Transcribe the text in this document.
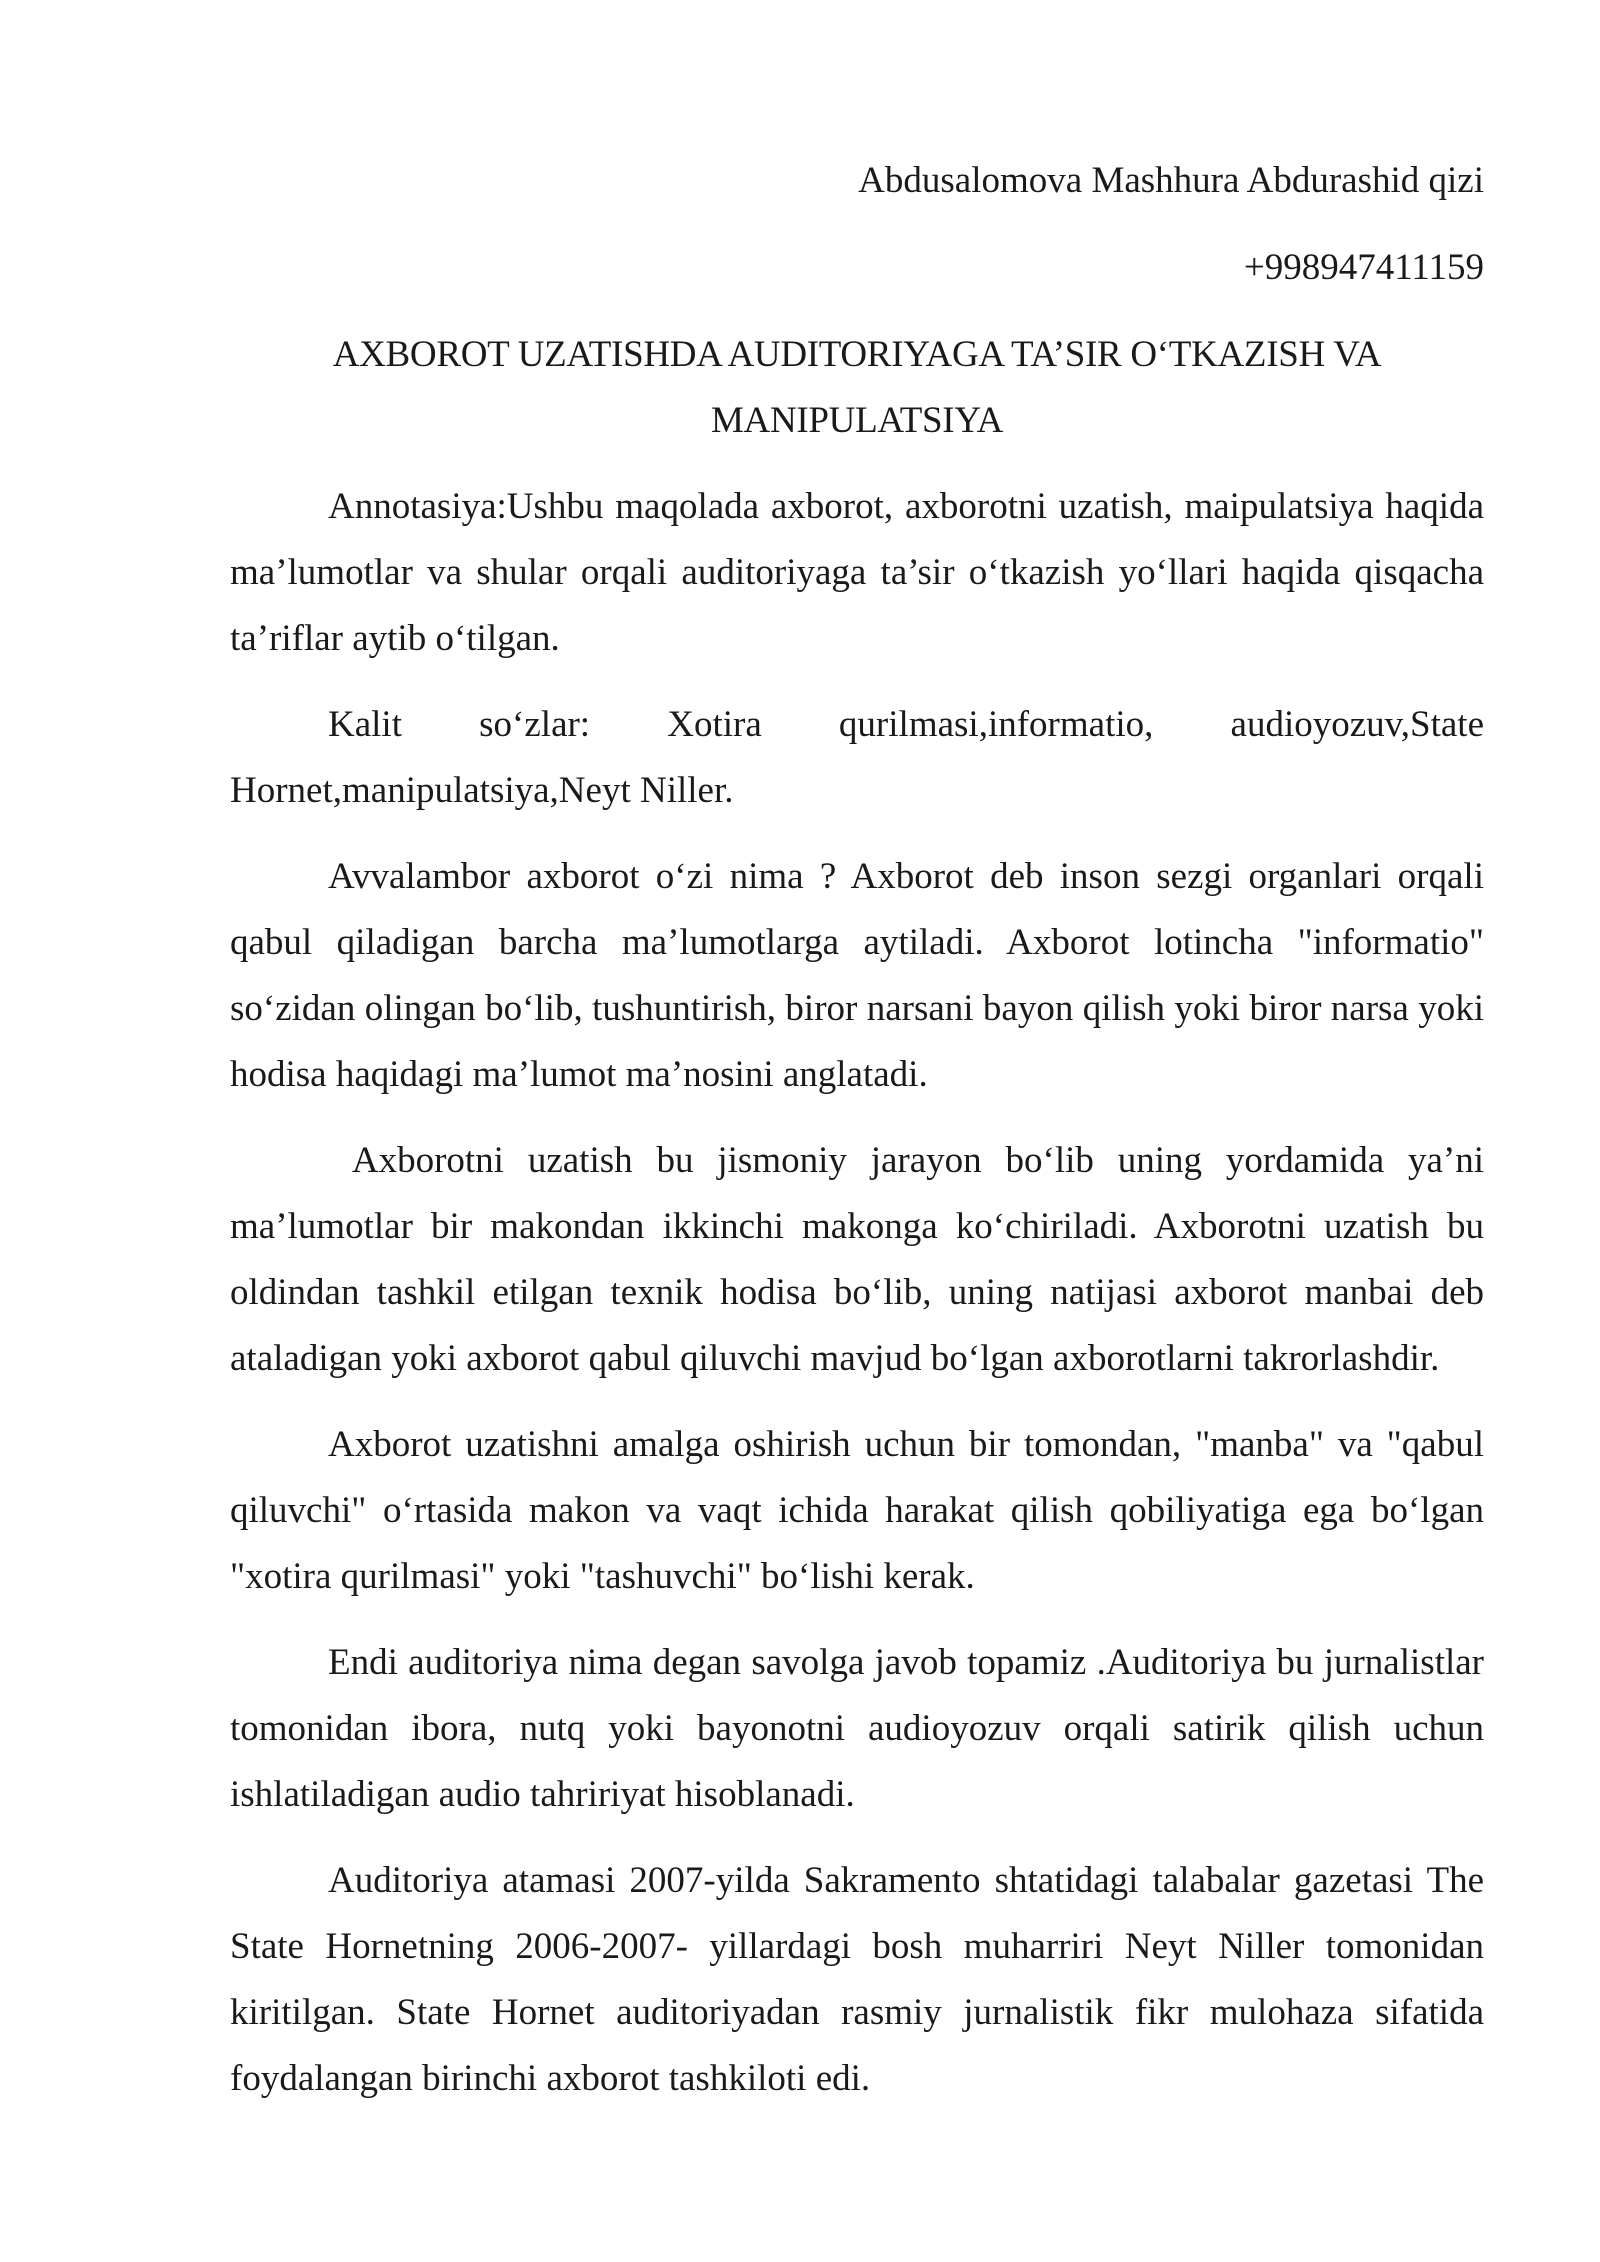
Abdusalomova Mashhura Abdurashid qizi
+998947411159
AXBOROT UZATISHDA AUDITORIYAGA TA’SIR O‘TKAZISH VA MANIPULATSIYA

Annotasiya:Ushbu maqolada axborot, axborotni uzatish, maipulatsiya haqida ma’lumotlar va shular orqali auditoriyaga ta’sir o‘tkazish yo‘llari haqida qisqacha ta’riflar aytib o‘tilgan.

Kalit so‘zlar: Xotira qurilmasi,informatio, audioyozuv,State Hornet,manipulatsiya,Neyt Niller.

Avvalambor axborot o‘zi nima ? Axborot deb inson sezgi organlari orqali qabul qiladigan barcha ma’lumotlarga aytiladi. Axborot lotincha "informatio" so‘zidan olingan bo‘lib, tushuntirish, biror narsani bayon qilish yoki biror narsa yoki hodisa haqidagi ma’lumot ma’nosini anglatadi.

Axborotni uzatish bu jismoniy jarayon bo‘lib uning yordamida ya’ni ma’lumotlar bir makondan ikkinchi makonga ko‘chiriladi. Axborotni uzatish bu oldindan tashkil etilgan texnik hodisa bo‘lib, uning natijasi axborot manbai deb ataladigan yoki axborot qabul qiluvchi mavjud bo‘lgan axborotlarni takrorlashdir.

Axborot uzatishni amalga oshirish uchun bir tomondan, "manba" va "qabul qiluvchi" o‘rtasida makon va vaqt ichida harakat qilish qobiliyatiga ega bo‘lgan "xotira qurilmasi" yoki "tashuvchi" bo‘lishi kerak.

Endi auditoriya nima degan savolga javob topamiz .Auditoriya bu jurnalistlar tomonidan ibora, nutq yoki bayonotni audioyozuv orqali satirik qilish uchun ishlatiladigan audio tahririyat hisoblanadi.

Auditoriya atamasi 2007-yilda Sakramento shtatidagi talabalar gazetasi The State Hornetning 2006-2007- yillardagi bosh muharriri Neyt Niller tomonidan kiritilgan. State Hornet auditoriyadan rasmiy jurnalistik fikr mulohaza sifatida foydalangan birinchi axborot tashkiloti edi.
